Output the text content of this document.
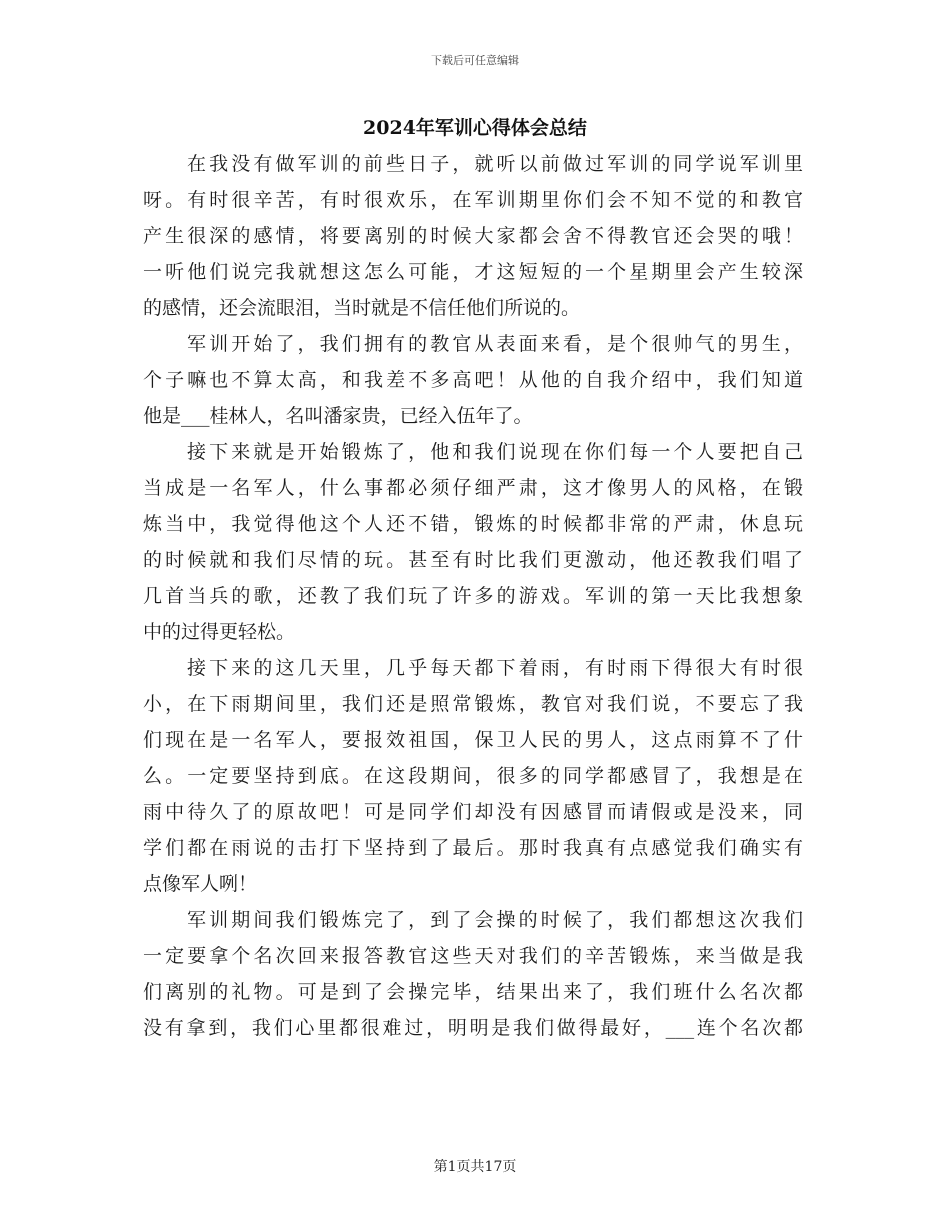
下载后可任意编辑
2024年军训心得体会总结
在我没有做军训的前些日子，就听以前做过军训的同学说军训里
呀。有时很辛苦，有时很欢乐，在军训期里你们会不知不觉的和教官
产生很深的感情，将要离别的时候大家都会舍不得教官还会哭的哦！
一听他们说完我就想这怎么可能，才这短短的一个星期里会产生较深
的感情，还会流眼泪，当时就是不信任他们所说的。
军训开始了，我们拥有的教官从表面来看，是个很帅气的男生，
个子嘛也不算太高，和我差不多高吧！从他的自我介绍中，我们知道
他是___桂林人，名叫潘家贵，已经入伍年了。
接下来就是开始锻炼了，他和我们说现在你们每一个人要把自己
当成是一名军人，什么事都必须仔细严肃，这才像男人的风格，在锻
炼当中，我觉得他这个人还不错，锻炼的时候都非常的严肃，休息玩
的时候就和我们尽情的玩。甚至有时比我们更激动，他还教我们唱了
几首当兵的歌，还教了我们玩了许多的游戏。军训的第一天比我想象
中的过得更轻松。
接下来的这几天里，几乎每天都下着雨，有时雨下得很大有时很
小，在下雨期间里，我们还是照常锻炼，教官对我们说，不要忘了我
们现在是一名军人，要报效祖国，保卫人民的男人，这点雨算不了什
么。一定要坚持到底。在这段期间，很多的同学都感冒了，我想是在
雨中待久了的原故吧！可是同学们却没有因感冒而请假或是没来，同
学们都在雨说的击打下坚持到了最后。那时我真有点感觉我们确实有
点像军人咧！
军训期间我们锻炼完了，到了会操的时候了，我们都想这次我们
一定要拿个名次回来报答教官这些天对我们的辛苦锻炼，来当做是我
们离别的礼物。可是到了会操完毕，结果出来了，我们班什么名次都
没有拿到，我们心里都很难过，明明是我们做得最好，___连个名次都
第1页共17页
